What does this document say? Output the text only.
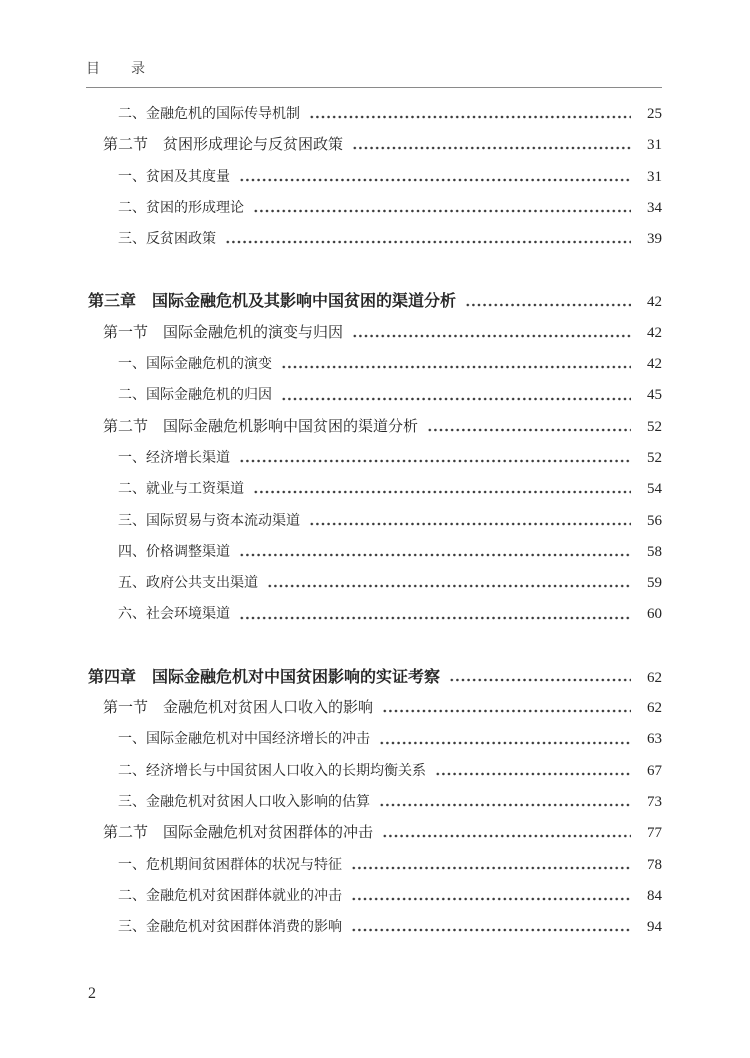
目　　录
二、金融危机的国际传导机制	25
第二节　贫困形成理论与反贫困政策	31
一、贫困及其度量	31
二、贫困的形成理论	34
三、反贫困政策	39
第三章　国际金融危机及其影响中国贫困的渠道分析	42
第一节　国际金融危机的演变与归因	42
一、国际金融危机的演变	42
二、国际金融危机的归因	45
第二节　国际金融危机影响中国贫困的渠道分析	52
一、经济增长渠道	52
二、就业与工资渠道	54
三、国际贸易与资本流动渠道	56
四、价格调整渠道	58
五、政府公共支出渠道	59
六、社会环境渠道	60
第四章　国际金融危机对中国贫困影响的实证考察	62
第一节　金融危机对贫困人口收入的影响	62
一、国际金融危机对中国经济增长的冲击	63
二、经济增长与中国贫困人口收入的长期均衡关系	67
三、金融危机对贫困人口收入影响的估算	73
第二节　国际金融危机对贫困群体的冲击	77
一、危机期间贫困群体的状况与特征	78
二、金融危机对贫困群体就业的冲击	84
三、金融危机对贫困群体消费的影响	94
2
